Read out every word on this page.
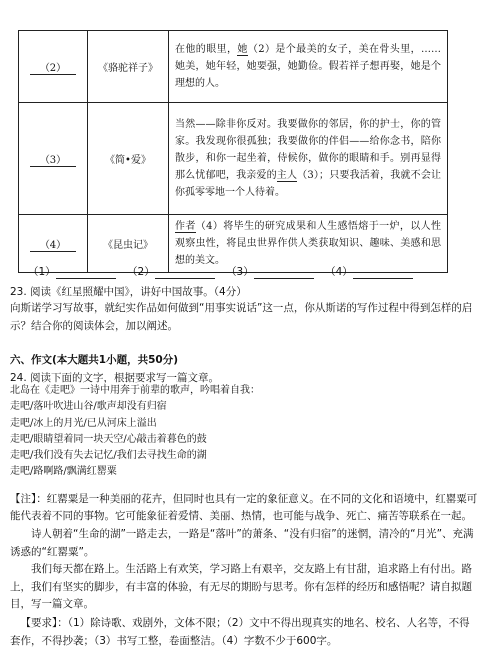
（2）	《骆驼祥子》	在他的眼里，她（2）是个最美的女子，美在骨头里，……她美，她年轻，她要强，她勤俭。假若祥子想再娶，她是个理想的人。
（3）	《简•爱》	当然——除非你反对。我要做你的邻居，你的护士，你的管家。我发现你很孤独；我要做你的伴侣——给你念书，陪你散步，和你一起坐着，侍候你，做你的眼睛和手。别再显得那么忧郁吧，我亲爱的主人（3）；只要我活着，我就不会让你孤零零地一个人待着。
（4）	《昆虫记》	作者（4）将毕生的研究成果和人生感悟熔于一炉，以人性观察虫性，将昆虫世界作供人类获取知识、趣味、美感和思想的美文。
（1）	（2）	（3）	（4）
23. 阅读《红星照耀中国》，讲好中国故事。（4分）
向斯诺学习写故事，就纪实作品如何做到“用事实说话”这一点，你从斯诺的写作过程中得到怎样的启示？结合你的阅读体会，加以阐述。
六、作文(本大题共1小题，共50分)
24. 阅读下面的文字，根据要求写一篇文章。
北岛在《走吧》一诗中用奔于前辈的歌声，吟唱着自我：
走吧/落叶吹进山谷/歌声却没有归宿
走吧/冰上的月光/已从河床上溢出
走吧/眼睛望着同一块天空/心敲击着暮色的鼓
走吧/我们没有失去记忆/我们去寻找生命的湖
走吧/路啊路/飘满红罂粟
【注】：红罂粟是一种美丽的花卉，但同时也具有一定的象征意义。在不同的文化和语境中，红罂粟可能代表着不同的事物。它可能象征着爱情、美丽、热情，也可能与战争、死亡、痛苦等联系在一起。
诗人朝着“生命的湖”一路走去，一路是“落叶”的萧条、“没有归宿”的迷惘，清冷的“月光”、充满诱惑的“红罂粟”。
我们每天都在路上。生活路上有欢笑，学习路上有艰辛，交友路上有甘甜，追求路上有付出。路上，我们有坚实的脚步，有丰富的体验，有无尽的期盼与思考。你有怎样的经历和感悟呢？请自拟题目，写一篇文章。
【要求】：（1）除诗歌、戏剧外，文体不限；（2）文中不得出现真实的地名、校名、人名等，不得套作，不得抄袭；（3）书写工整，卷面整洁。（4）字数不少于600字。
